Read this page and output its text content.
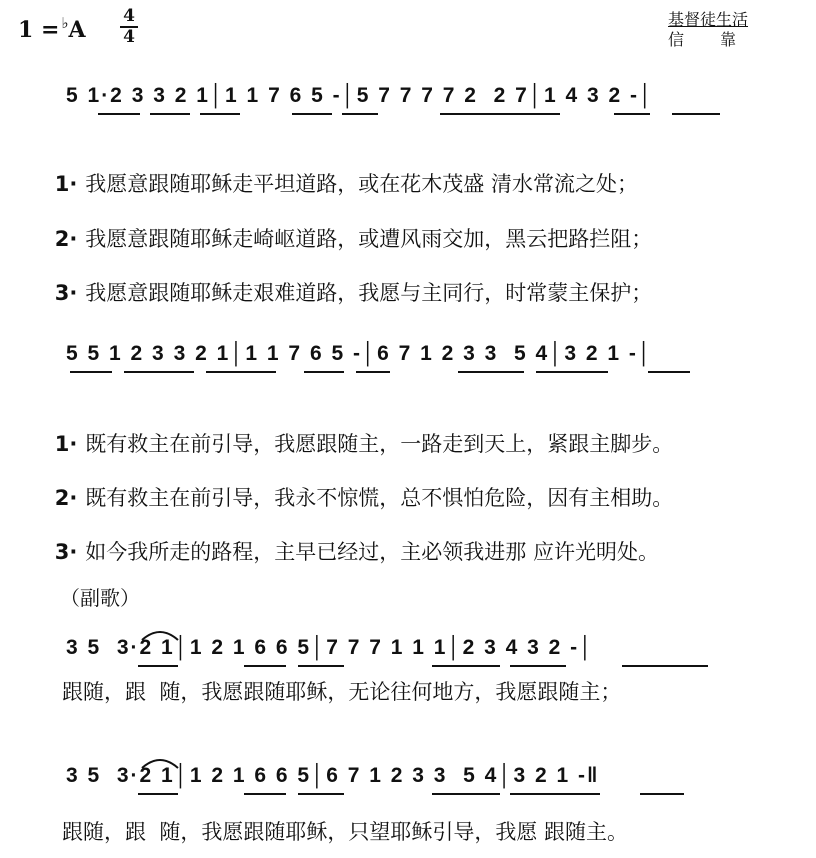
1 = ♭A
4
4
基督徒生活
信靠
5 1·2 3 3 2 1│1 1 7 6 5 -│5 7 7 7 7 2  2 7│1 4 3 2 -│

1· 我愿意跟随耶稣走平坦道路，或在花木茂盛 清水常流之处；

2· 我愿意跟随耶稣走崎岖道路，或遭风雨交加，黑云把路拦阻；

3· 我愿意跟随耶稣走艰难道路，我愿与主同行，时常蒙主保护；

5 5 1 2 3 3 2 1│1 1 7 6 5 -│6 7 1 2 3 3  5 4│3 2 1 -│

1· 既有救主在前引导，我愿跟随主，一路走到天上，紧跟主脚步。

2· 既有救主在前引导，我永不惊慌，总不惧怕危险，因有主相助。

3· 如今我所走的路程，主早已经过，主必领我进那 应许光明处。

（副歌）
3 5  3·2 1│1 2 1 6 6 5│7 7 7 1 1 1│2 3 4 3 2 -│
跟随，跟  随，我愿跟随耶稣，无论往何地方，我愿跟随主；
3 5  3·2 1│1 2 1 6 6 5│6 7 1 2 3 3  5 4│3 2 1 -‖
跟随，跟  随，我愿跟随耶稣，只望耶稣引导，我愿 跟随主。
